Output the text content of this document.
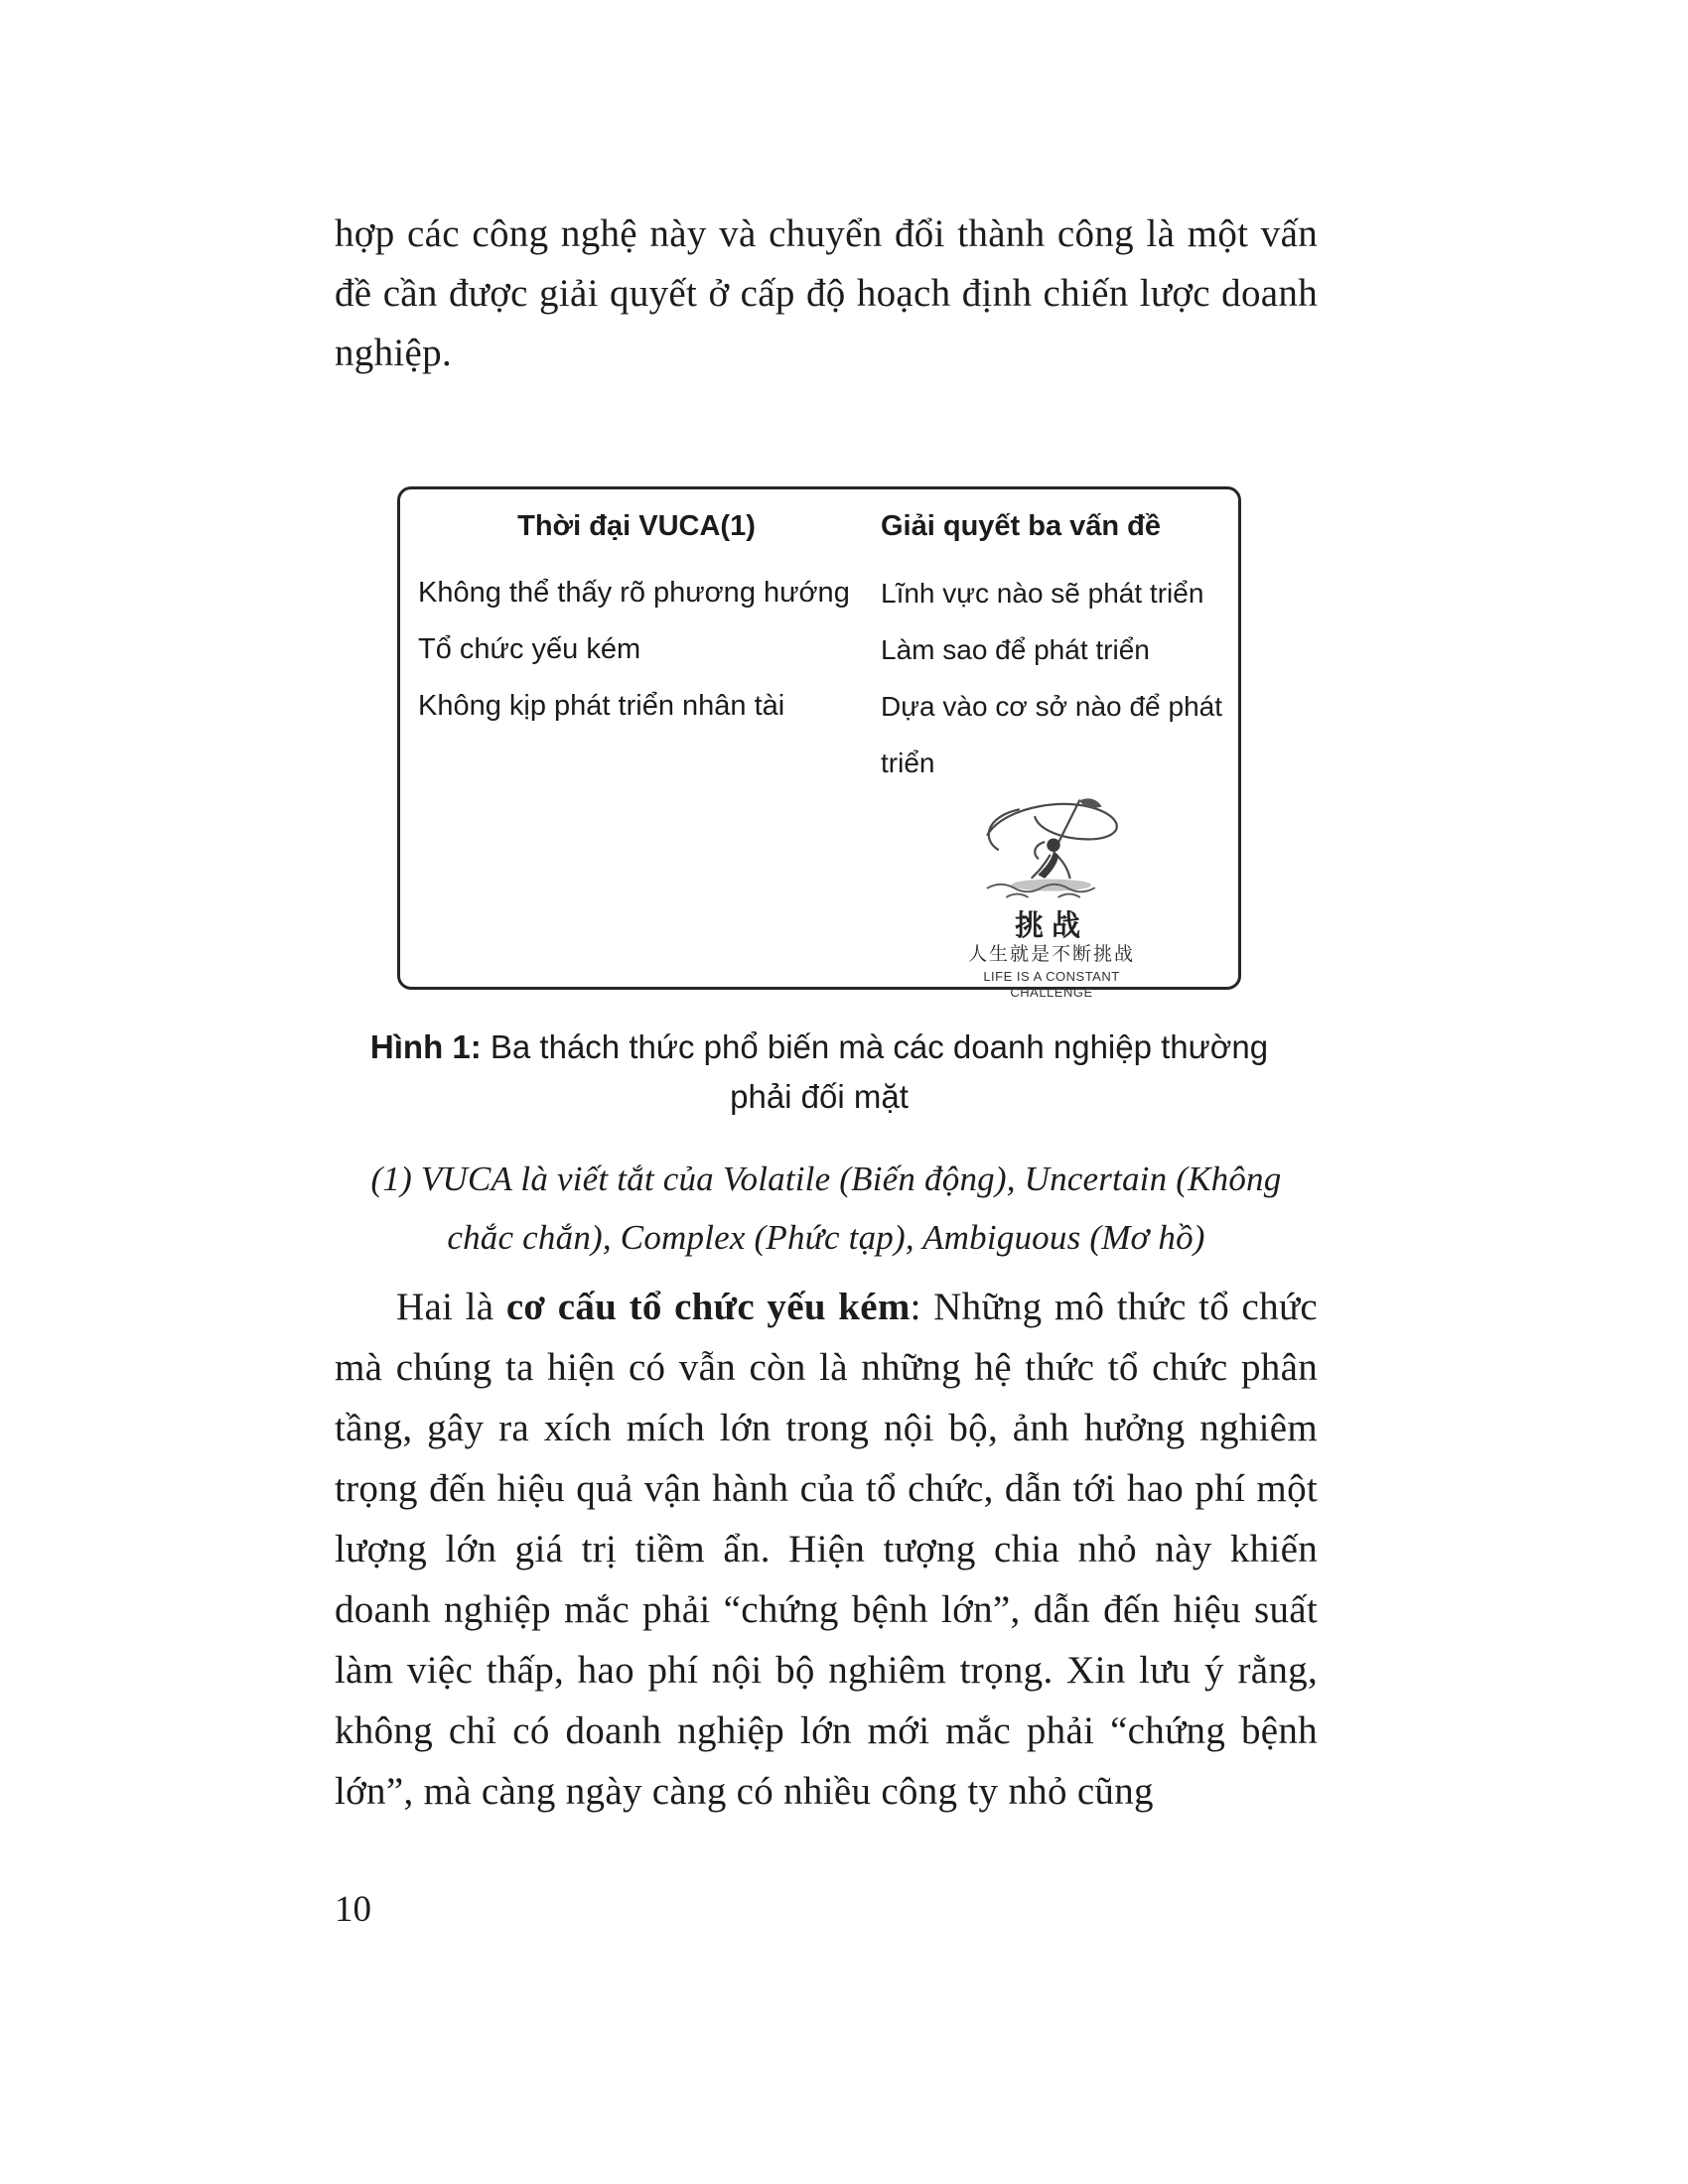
hợp các công nghệ này và chuyển đổi thành công là một vấn đề cần được giải quyết ở cấp độ hoạch định chiến lược doanh nghiệp.

Thời đại VUCA(1)
Không thể thấy rõ phương hướng
Tổ chức yếu kém
Không kịp phát triển nhân tài
Giải quyết ba vấn đề
Lĩnh vực nào sẽ phát triển
Làm sao để phát triển
Dựa vào cơ sở nào để phát triển
挑战
人生就是不断挑战
LIFE IS A CONSTANT
CHALLENGE
Hình 1: Ba thách thức phổ biến mà các doanh nghiệp thường phải đối mặt

(1) VUCA là viết tắt của Volatile (Biến động), Uncertain (Không chắc chắn), Complex (Phức tạp), Ambiguous (Mơ hồ)

Hai là cơ cấu tổ chức yếu kém: Những mô thức tổ chức mà chúng ta hiện có vẫn còn là những hệ thức tổ chức phân tầng, gây ra xích mích lớn trong nội bộ, ảnh hưởng nghiêm trọng đến hiệu quả vận hành của tổ chức, dẫn tới hao phí một lượng lớn giá trị tiềm ẩn. Hiện tượng chia nhỏ này khiến doanh nghiệp mắc phải “chứng bệnh lớn”, dẫn đến hiệu suất làm việc thấp, hao phí nội bộ nghiêm trọng. Xin lưu ý rằng, không chỉ có doanh nghiệp lớn mới mắc phải “chứng bệnh lớn”, mà càng ngày càng có nhiều công ty nhỏ cũng

10
